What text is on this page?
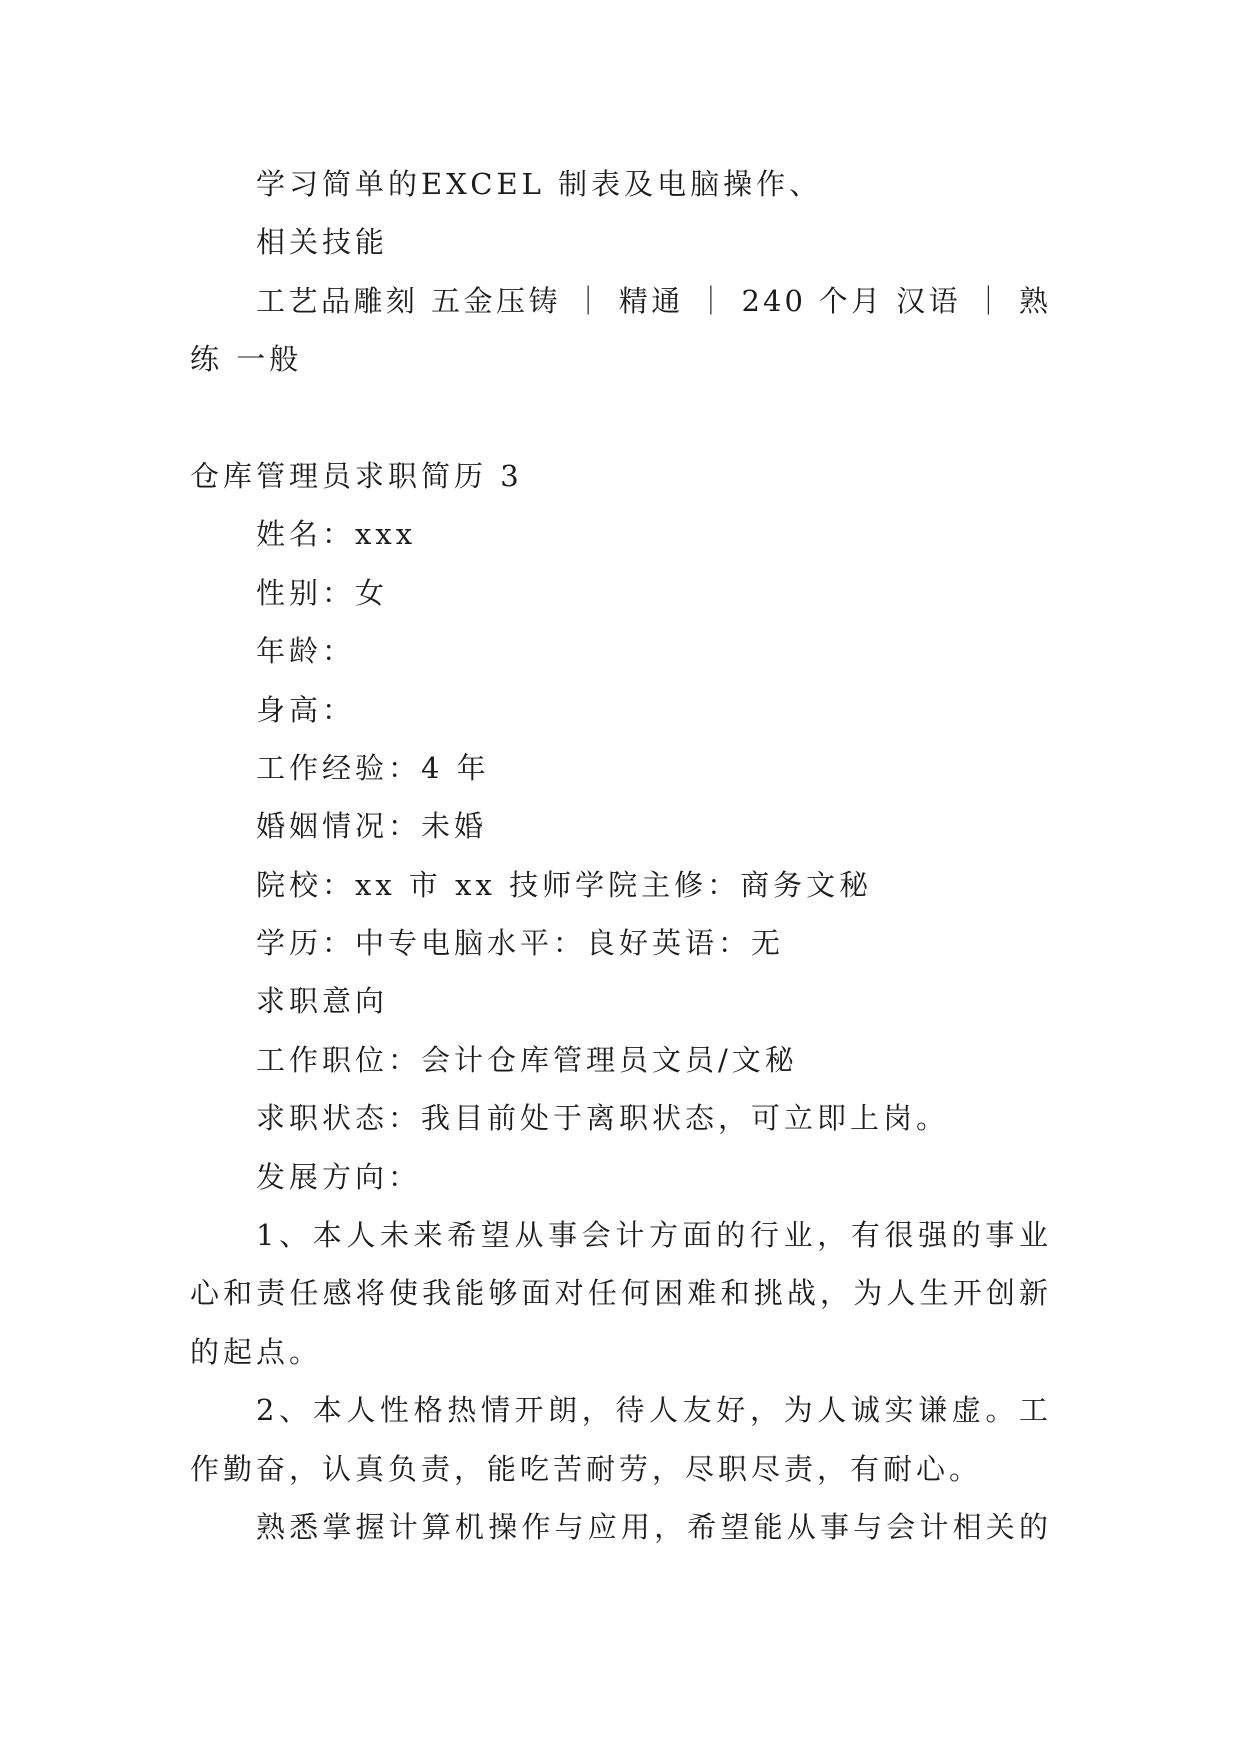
学习简单的EXCEL 制表及电脑操作、
相关技能
工艺品雕刻 五金压铸 ｜ 精通 ｜ 240 个月 汉语 ｜ 熟
练 一般
仓库管理员求职简历 3
姓名：xxx
性别：女
年龄：
身高：
工作经验：4 年
婚姻情况：未婚
院校：xx 市 xx 技师学院主修：商务文秘
学历：中专电脑水平：良好英语：无
求职意向
工作职位：会计仓库管理员文员/文秘
求职状态：我目前处于离职状态，可立即上岗。
发展方向：
1、本人未来希望从事会计方面的行业，有很强的事业
心和责任感将使我能够面对任何困难和挑战，为人生开创新
的起点。
2、本人性格热情开朗，待人友好，为人诚实谦虚。工
作勤奋，认真负责，能吃苦耐劳，尽职尽责，有耐心。
熟悉掌握计算机操作与应用，希望能从事与会计相关的
